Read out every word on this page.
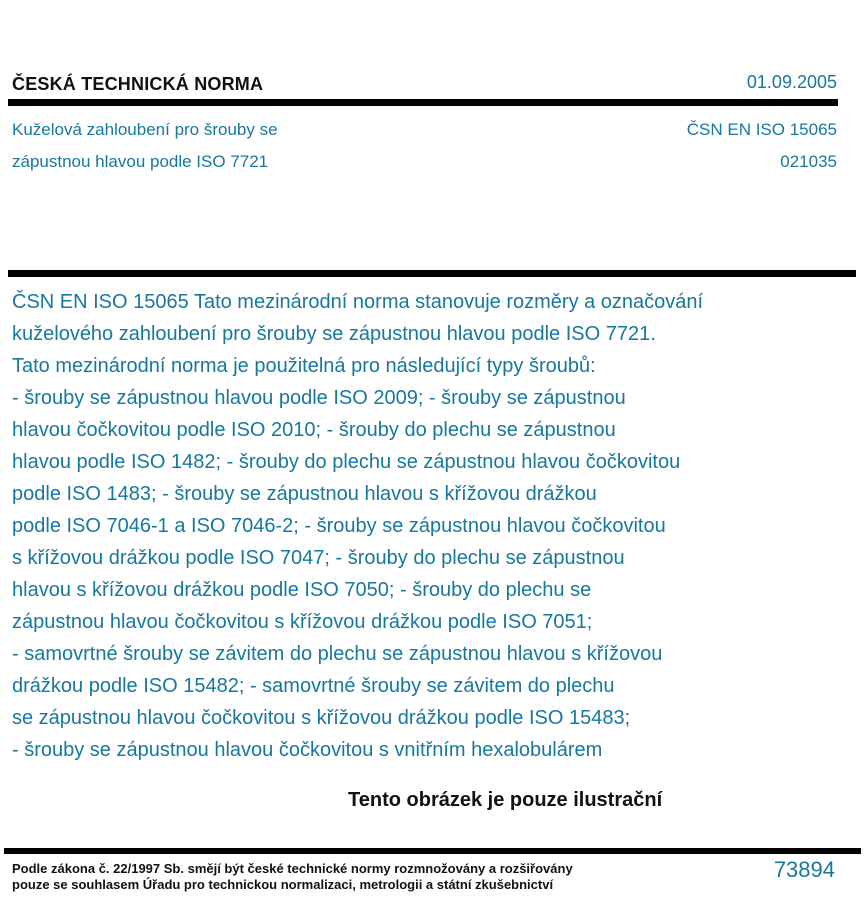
ČESKÁ TECHNICKÁ NORMA	01.09.2005
Kuželová zahloubení pro šrouby se
zápustnou hlavou podle ISO 7721
ČSN EN ISO 15065
021035
ČSN EN ISO 15065 Tato mezinárodní norma stanovuje rozměry a označování
kuželového zahloubení pro šrouby se zápustnou hlavou podle ISO 7721.
Tato mezinárodní norma je použitelná pro následující typy šroubů:
- šrouby se zápustnou hlavou podle ISO 2009; - šrouby se zápustnou
hlavou čočkovitou podle ISO 2010; - šrouby do plechu se zápustnou
hlavou podle ISO 1482; - šrouby do plechu se zápustnou hlavou čočkovitou
podle ISO 1483; - šrouby se zápustnou hlavou s křížovou drážkou
podle ISO 7046-1 a ISO 7046-2; - šrouby se zápustnou hlavou čočkovitou
s křížovou drážkou podle ISO 7047; - šrouby do plechu se zápustnou
hlavou s křížovou drážkou podle ISO 7050; - šrouby do plechu se
zápustnou hlavou čočkovitou s křížovou drážkou podle ISO 7051;
- samovrtné šrouby se závitem do plechu se zápustnou hlavou s křížovou
drážkou podle ISO 15482; - samovrtné šrouby se závitem do plechu
se zápustnou hlavou čočkovitou s křížovou drážkou podle ISO 15483;
- šrouby se zápustnou hlavou čočkovitou s vnitřním hexalobulárem
Tento obrázek je pouze ilustrační
Podle zákona č. 22/1997 Sb. smějí být české technické normy rozmnožovány a rozšiřovány
pouze se souhlasem Úřadu pro technickou normalizaci, metrologii a státní zkušebnictví
73894
